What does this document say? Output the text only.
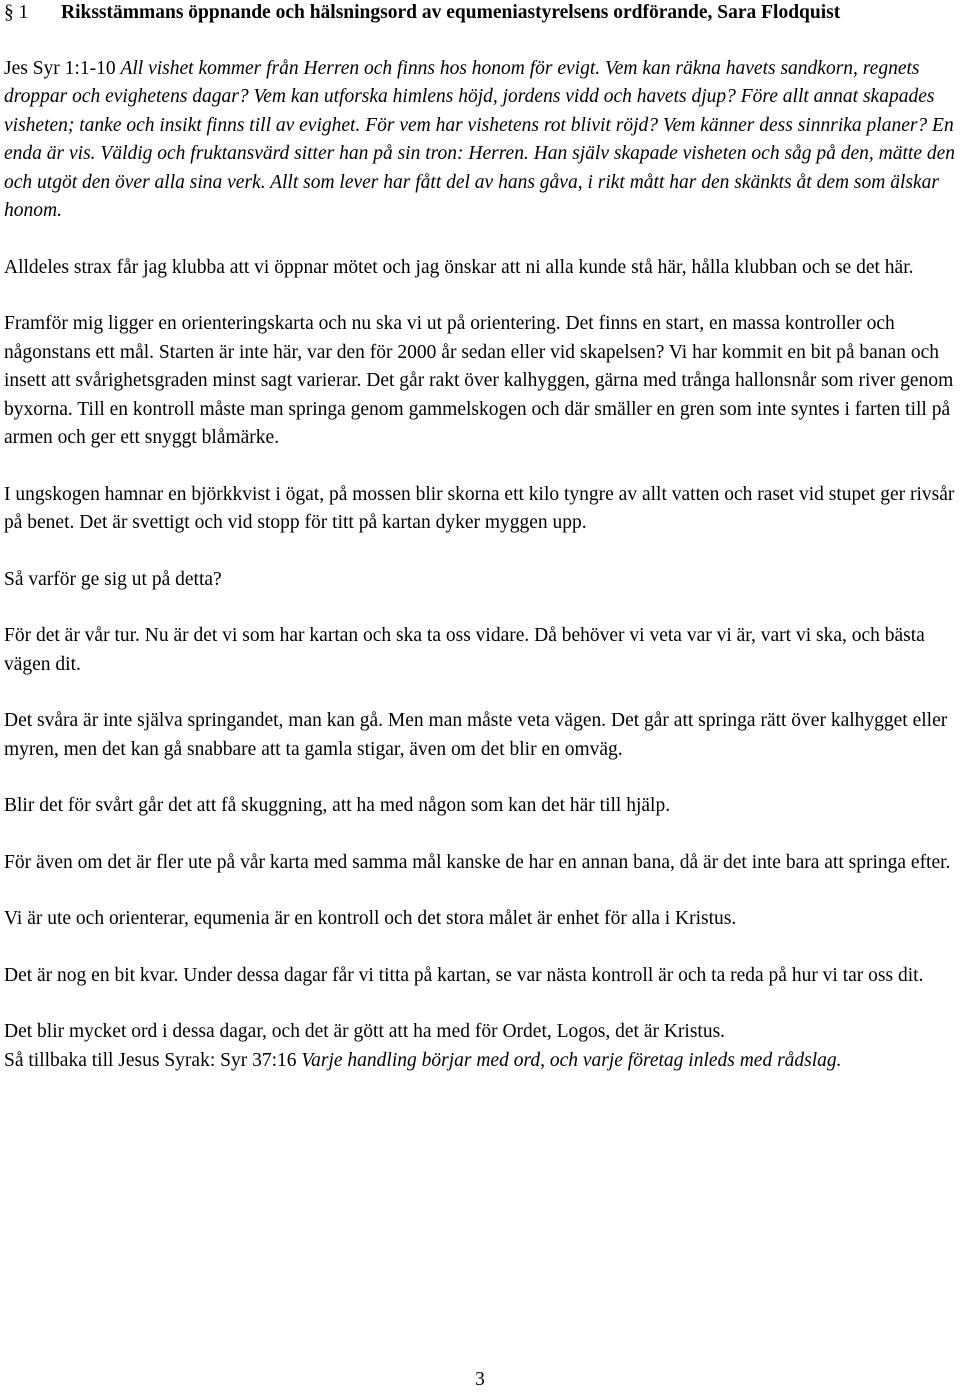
§ 1	Riksstämmans öppnande och hälsningsord av equmeniastyrelsens ordförande, Sara Flodquist

Jes Syr 1:1-10 All vishet kommer från Herren och finns hos honom för evigt. Vem kan räkna havets sandkorn, regnets droppar och evighetens dagar? Vem kan utforska himlens höjd, jordens vidd och havets djup? Före allt annat skapades visheten; tanke och insikt finns till av evighet. För vem har vishetens rot blivit röjd? Vem känner dess sinnrika planer? En enda är vis. Väldig och fruktansvärd sitter han på sin tron: Herren. Han själv skapade visheten och såg på den, mätte den och utgöt den över alla sina verk. Allt som lever har fått del av hans gåva, i rikt mått har den skänkts åt dem som älskar honom.

Alldeles strax får jag klubba att vi öppnar mötet och jag önskar att ni alla kunde stå här, hålla klubban och se det här.

Framför mig ligger en orienteringskarta och nu ska vi ut på orientering. Det finns en start, en massa kontroller och någonstans ett mål. Starten är inte här, var den för 2000 år sedan eller vid skapelsen? Vi har kommit en bit på banan och insett att svårighetsgraden minst sagt varierar. Det går rakt över kalhyggen, gärna med trånga hallonsnår som river genom byxorna. Till en kontroll måste man springa genom gammelskogen och där smäller en gren som inte syntes i farten till på armen och ger ett snyggt blåmärke.

I ungskogen hamnar en björkkvist i ögat, på mossen blir skorna ett kilo tyngre av allt vatten och raset vid stupet ger rivsår på benet. Det är svettigt och vid stopp för titt på kartan dyker myggen upp.

Så varför ge sig ut på detta?

För det är vår tur. Nu är det vi som har kartan och ska ta oss vidare. Då behöver vi veta var vi är, vart vi ska, och bästa vägen dit.

Det svåra är inte själva springandet, man kan gå. Men man måste veta vägen. Det går att springa rätt över kalhygget eller myren, men det kan gå snabbare att ta gamla stigar, även om det blir en omväg.

Blir det för svårt går det att få skuggning, att ha med någon som kan det här till hjälp.

För även om det är fler ute på vår karta med samma mål kanske de har en annan bana, då är det inte bara att springa efter.

Vi är ute och orienterar, equmenia är en kontroll och det stora målet är enhet för alla i Kristus.

Det är nog en bit kvar. Under dessa dagar får vi titta på kartan, se var nästa kontroll är och ta reda på hur vi tar oss dit.

Det blir mycket ord i dessa dagar, och det är gött att ha med för Ordet, Logos, det är Kristus.

Så tillbaka till Jesus Syrak: Syr 37:16 Varje handling börjar med ord, och varje företag inleds med rådslag.

3
